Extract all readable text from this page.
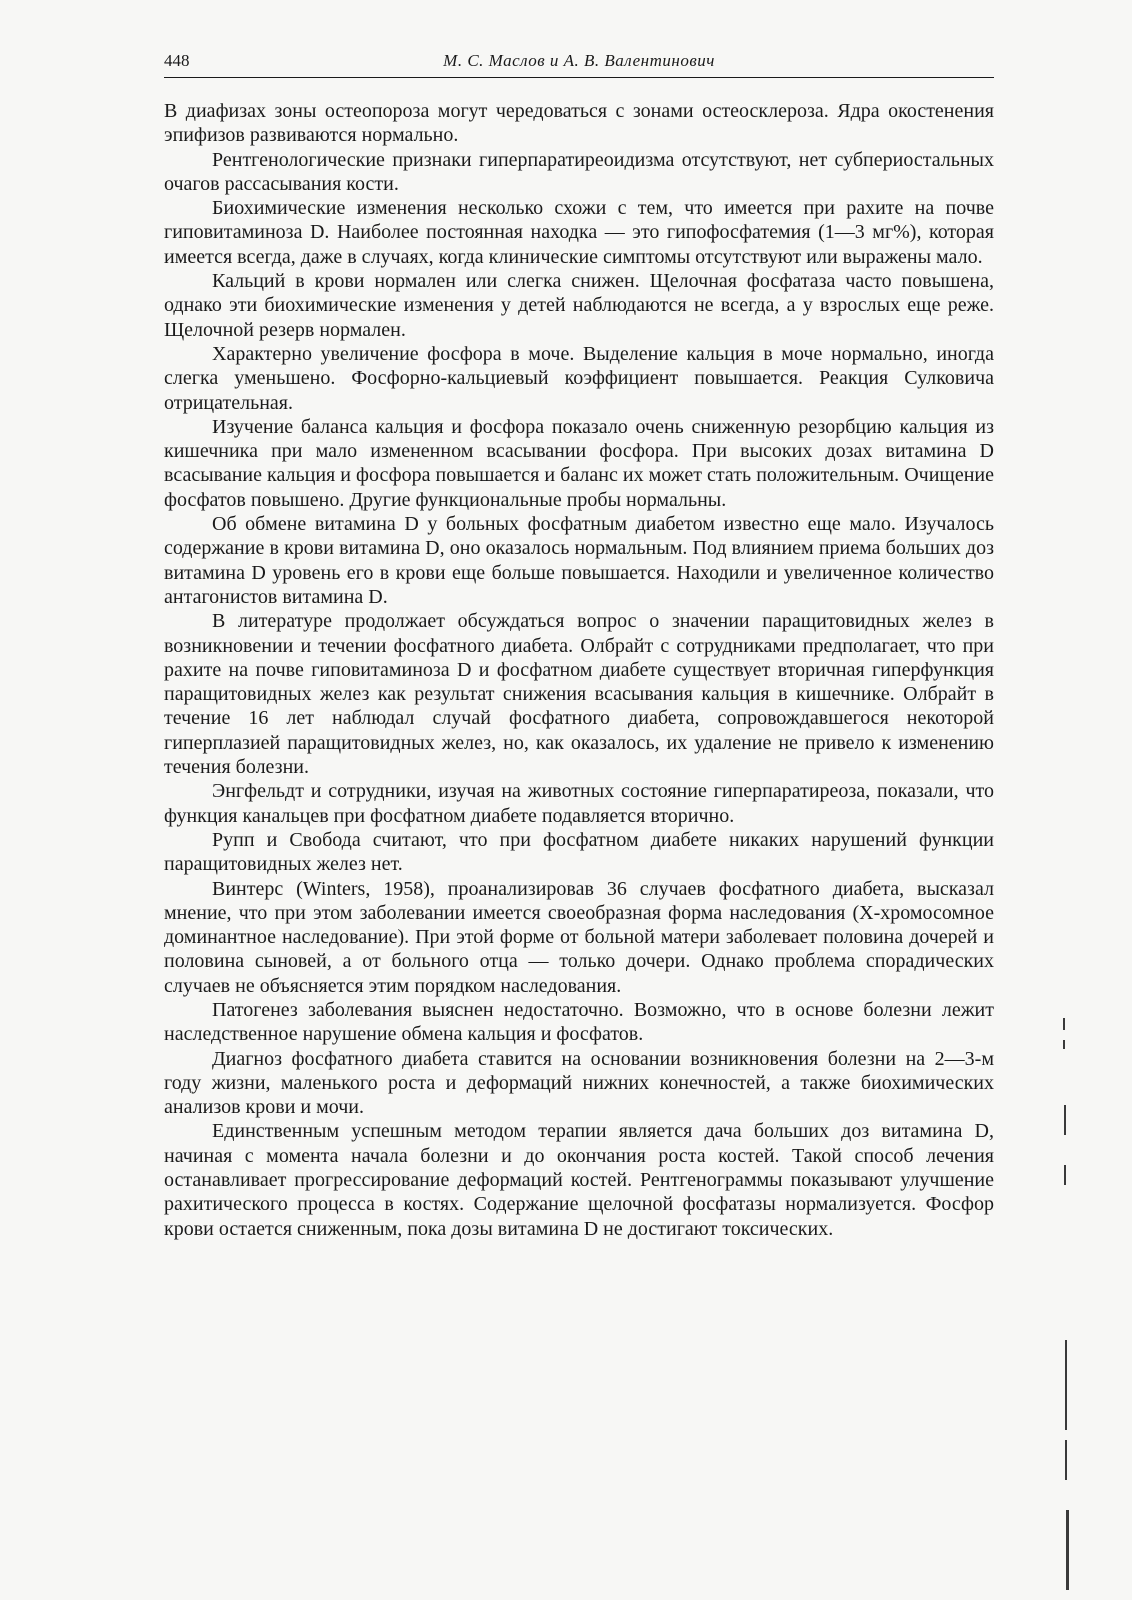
448	М. С. Маслов и А. В. Валентинович

В диафизах зоны остеопороза могут чередоваться с зонами остеосклероза. Ядра окостенения эпифизов развиваются нормально.

Рентгенологические признаки гиперпаратиреоидизма отсутствуют, нет субпериостальных очагов рассасывания кости.

Биохимические изменения несколько схожи с тем, что имеется при рахите на почве гиповитаминоза D. Наиболее постоянная находка — это гипофосфатемия (1—3 мг%), которая имеется всегда, даже в случаях, когда клинические симптомы отсутствуют или выражены мало.

Кальций в крови нормален или слегка снижен. Щелочная фосфатаза часто повышена, однако эти биохимические изменения у детей наблюдаются не всегда, а у взрослых еще реже. Щелочной резерв нормален.

Характерно увеличение фосфора в моче. Выделение кальция в моче нормально, иногда слегка уменьшено. Фосфорно-кальциевый коэффициент повышается. Реакция Сулковича отрицательная.

Изучение баланса кальция и фосфора показало очень сниженную резорбцию кальция из кишечника при мало измененном всасывании фосфора. При высоких дозах витамина D всасывание кальция и фосфора повышается и баланс их может стать положительным. Очищение фосфатов повышено. Другие функциональные пробы нормальны.

Об обмене витамина D у больных фосфатным диабетом известно еще мало. Изучалось содержание в крови витамина D, оно оказалось нормальным. Под влиянием приема больших доз витамина D уровень его в крови еще больше повышается. Находили и увеличенное количество антагонистов витамина D.

В литературе продолжает обсуждаться вопрос о значении паращитовидных желез в возникновении и течении фосфатного диабета. Олбрайт с сотрудниками предполагает, что при рахите на почве гиповитаминоза D и фосфатном диабете существует вторичная гиперфункция паращитовидных желез как результат снижения всасывания кальция в кишечнике. Олбрайт в течение 16 лет наблюдал случай фосфатного диабета, сопровождавшегося некоторой гиперплазией паращитовидных желез, но, как оказалось, их удаление не привело к изменению течения болезни.

Энгфельдт и сотрудники, изучая на животных состояние гиперпаратиреоза, показали, что функция канальцев при фосфатном диабете подавляется вторично.

Рупп и Свобода считают, что при фосфатном диабете никаких нарушений функции паращитовидных желез нет.

Винтерс (Winters, 1958), проанализировав 36 случаев фосфатного диабета, высказал мнение, что при этом заболевании имеется своеобразная форма наследования (Х-хромосомное доминантное наследование). При этой форме от больной матери заболевает половина дочерей и половина сыновей, а от больного отца — только дочери. Однако проблема спорадических случаев не объясняется этим порядком наследования.

Патогенез заболевания выяснен недостаточно. Возможно, что в основе болезни лежит наследственное нарушение обмена кальция и фосфатов.

Диагноз фосфатного диабета ставится на основании возникновения болезни на 2—3-м году жизни, маленького роста и деформаций нижних конечностей, а также биохимических анализов крови и мочи.

Единственным успешным методом терапии является дача больших доз витамина D, начиная с момента начала болезни и до окончания роста костей. Такой способ лечения останавливает прогрессирование деформаций костей. Рентгенограммы показывают улучшение рахитического процесса в костях. Содержание щелочной фосфатазы нормализуется. Фосфор крови остается сниженным, пока дозы витамина D не достигают токсических.
